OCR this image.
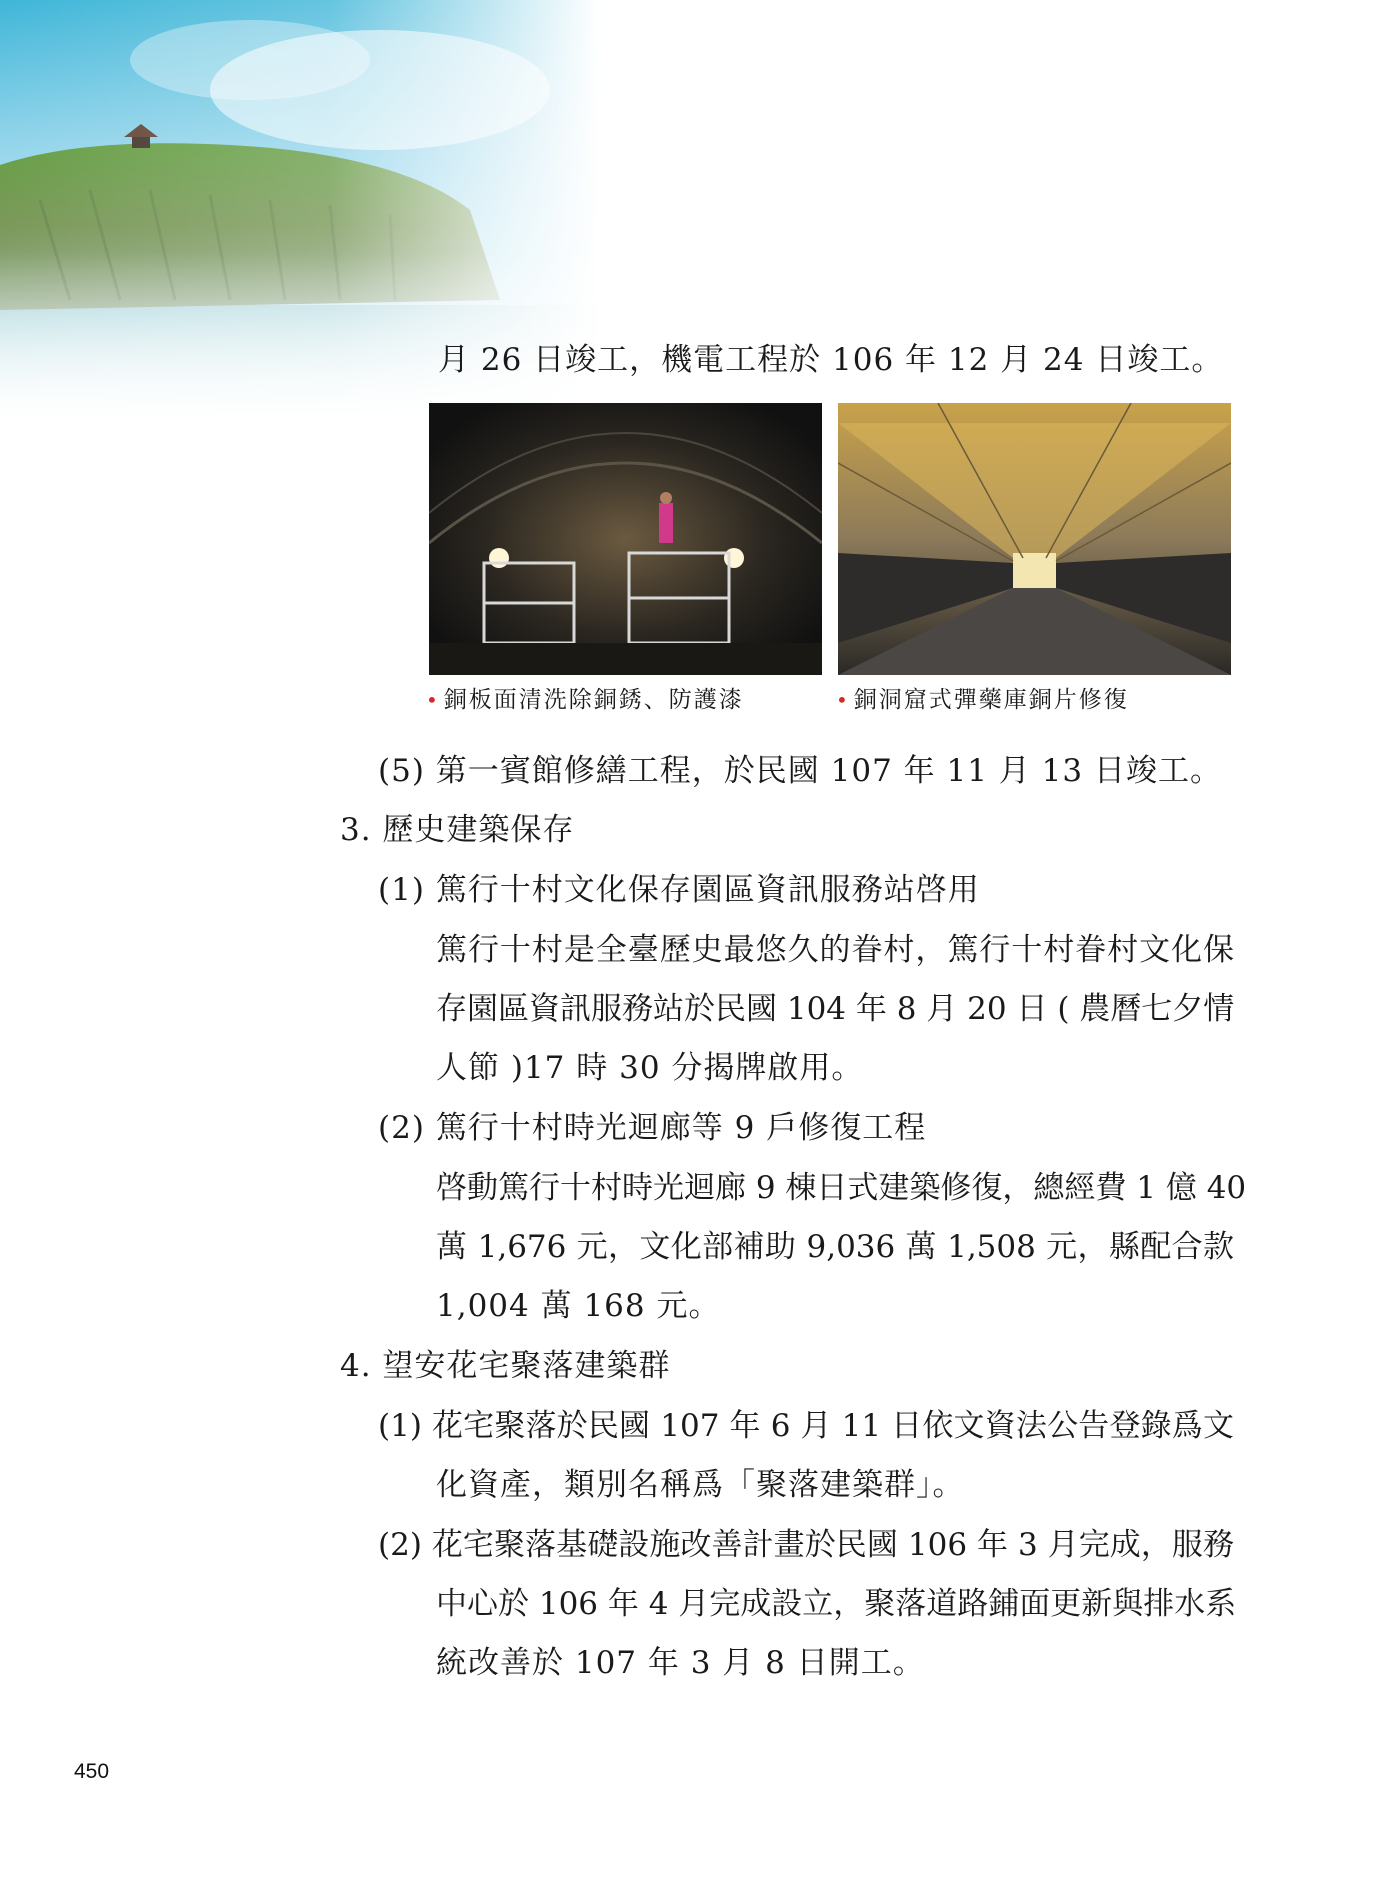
月 26 日竣工，機電工程於 106 年 12 月 24 日竣工。
• 銅板面清洗除銅銹、防護漆	• 銅洞窟式彈藥庫銅片修復
(5) 第一賓館修繕工程，於民國 107 年 11 月 13 日竣工。
3. 歷史建築保存
(1) 篤行十村文化保存園區資訊服務站啓用
篤行十村是全臺歷史最悠久的眷村，篤行十村眷村文化保
存園區資訊服務站於民國 104 年 8 月 20 日 ( 農曆七夕情
人節 )17 時 30 分揭牌啟用。
(2) 篤行十村時光迴廊等 9 戶修復工程
啓動篤行十村時光迴廊 9 棟日式建築修復，總經費 1 億 40
萬 1,676 元，文化部補助 9,036 萬 1,508 元，縣配合款
1,004 萬 168 元。
4. 望安花宅聚落建築群
(1) 花宅聚落於民國 107 年 6 月 11 日依文資法公告登錄爲文
化資產，類別名稱爲「聚落建築群」。
(2) 花宅聚落基礎設施改善計畫於民國 106 年 3 月完成，服務
中心於 106 年 4 月完成設立，聚落道路鋪面更新與排水系
統改善於 107 年 3 月 8 日開工。
450
